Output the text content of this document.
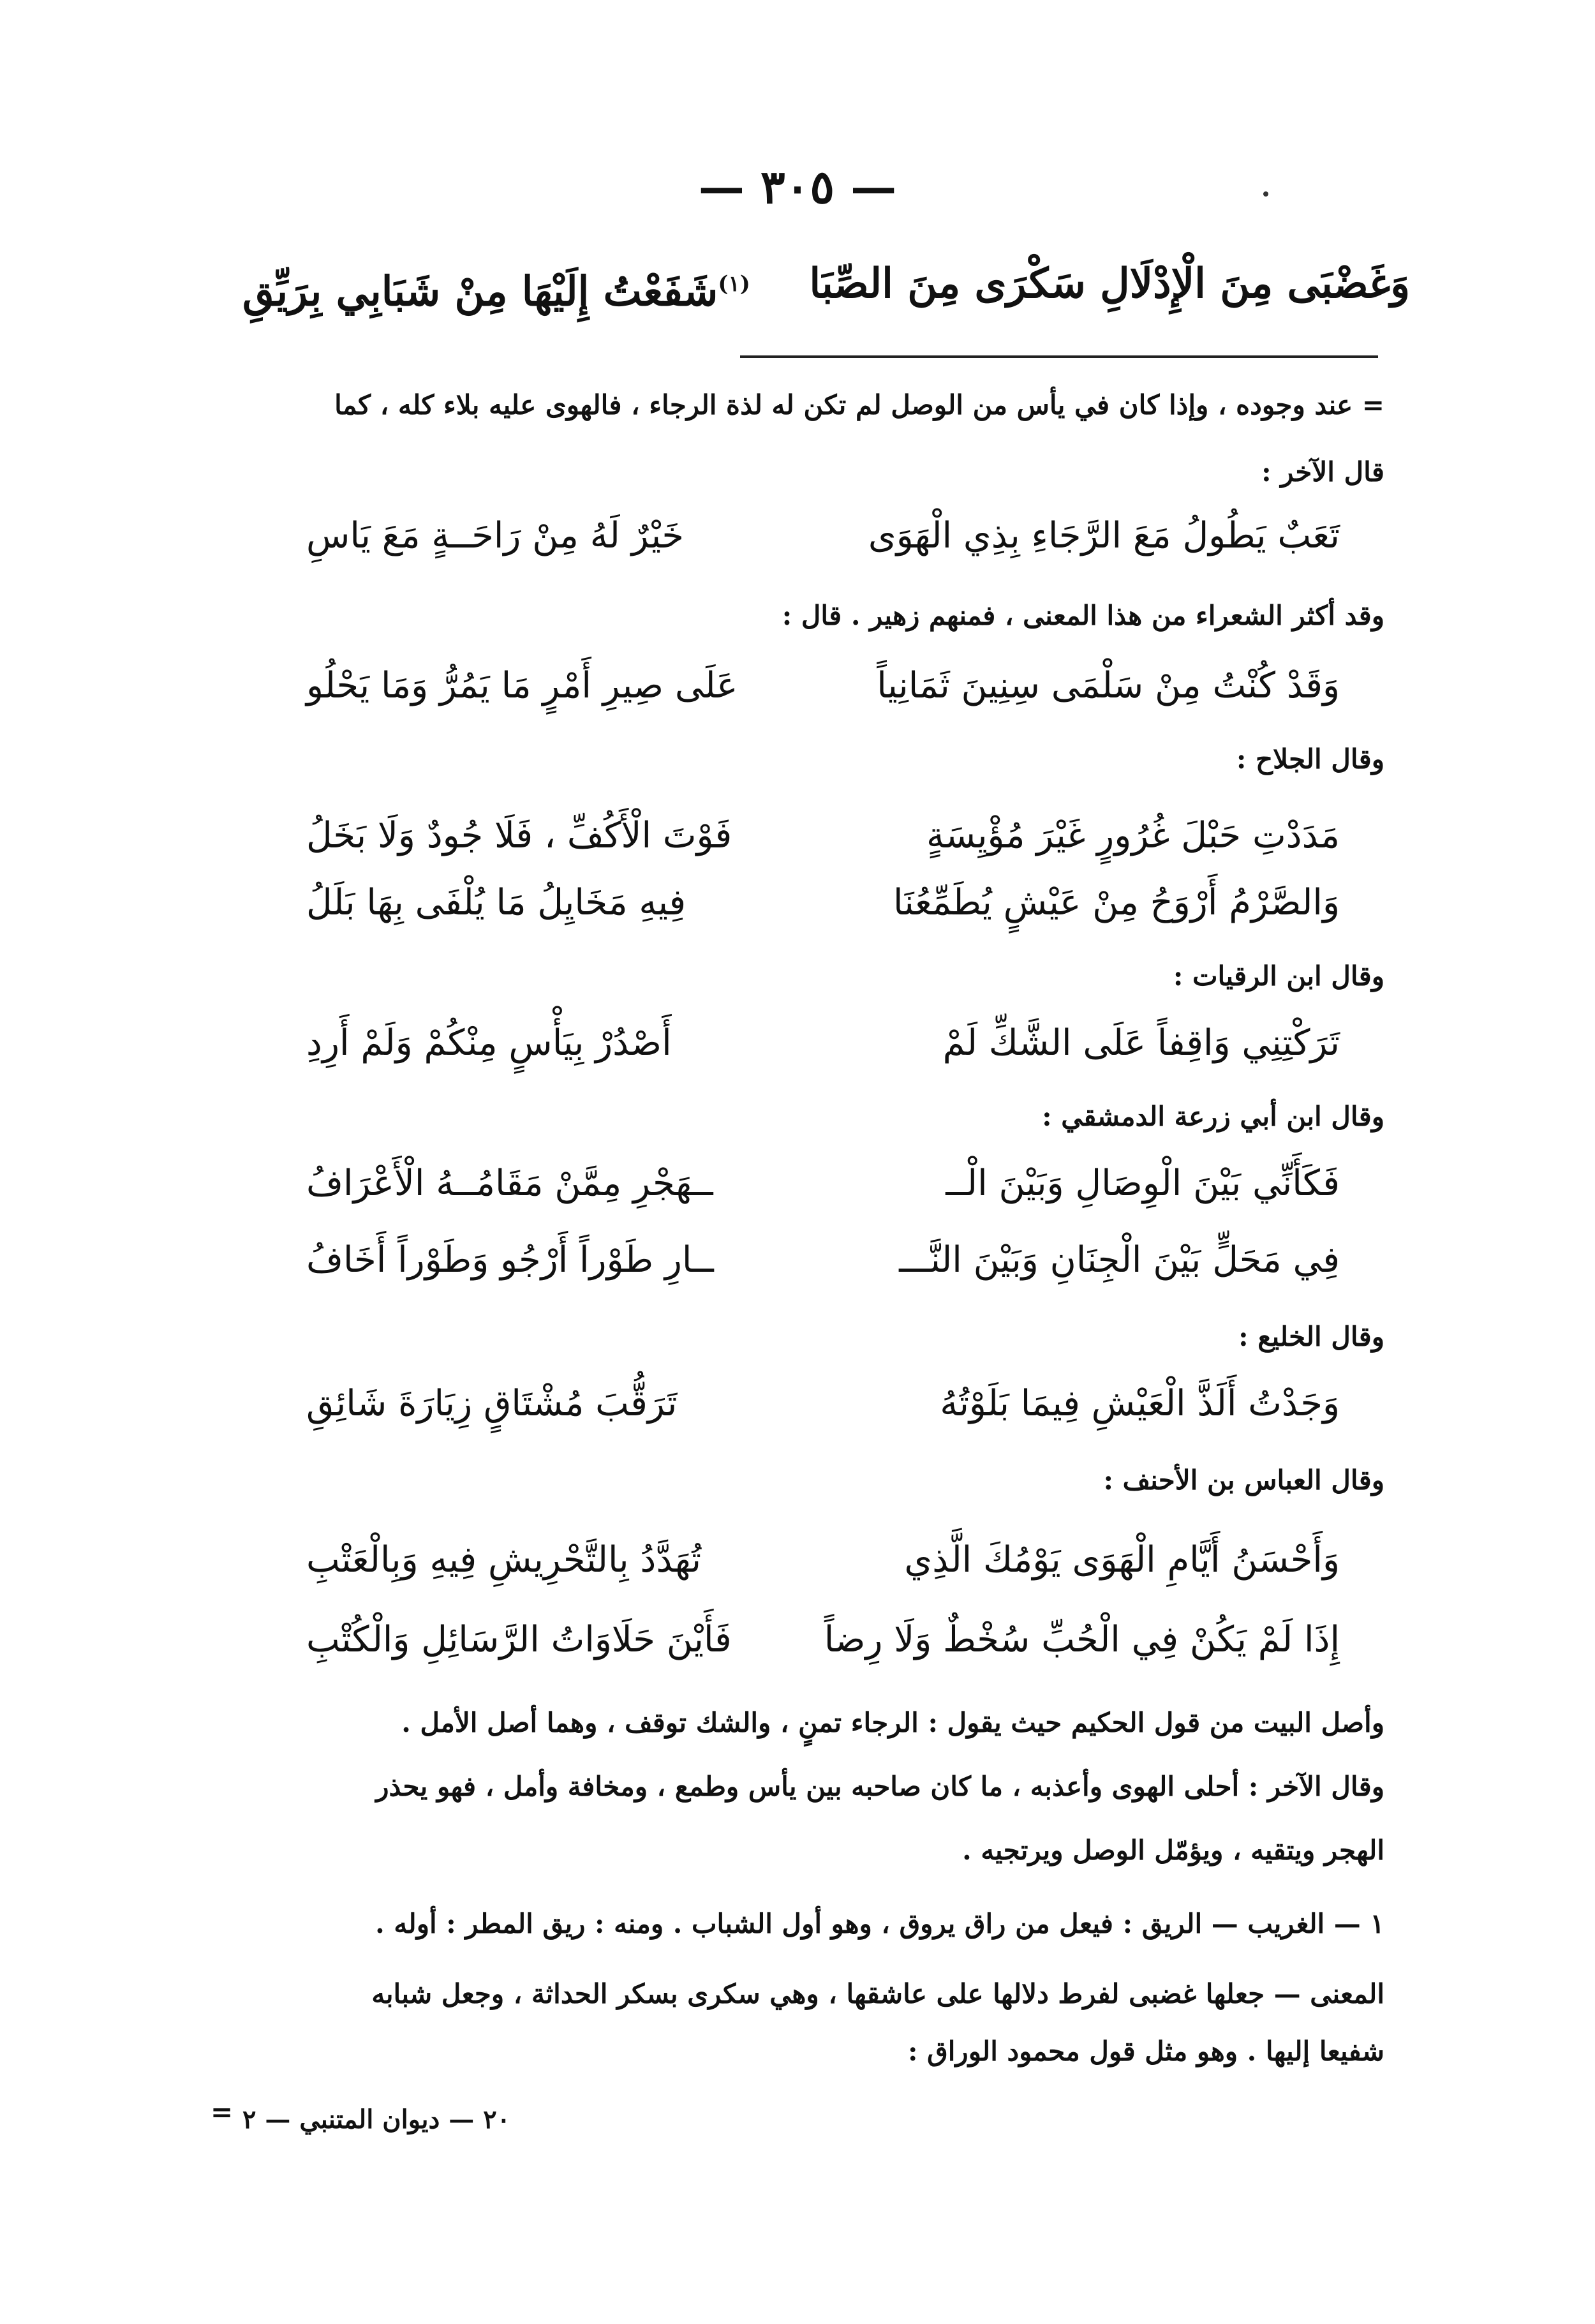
— ٣٠٥ —
وَغَضْبَى مِنَ الْإِدْلَالِ سَكْرَى مِنَ الصِّبَا
$^{(١)}$شَفَعْتُ إِلَيْهَا مِنْ شَبَابِي بِرَيِّقِ
= عند وجوده ، وإذا كان في يأس من الوصل لم تكن له لذة الرجاء ، فالهوى عليه بلاء كله ، كما
قال الآخر :
تَعَبٌ يَطُولُ مَعَ الرَّجَاءِ بِذِي الْهَوَى
خَيْرٌ لَهُ مِنْ رَاحَــةٍ مَعَ يَاسِ
وقد أكثر الشعراء من هذا المعنى ، فمنهم زهير . قال :
وَقَدْ كُنْتُ مِنْ سَلْمَى سِنِينَ ثَمَانِياً
عَلَى صِيرِ أَمْرٍ مَا يَمُرُّ وَمَا يَحْلُو
وقال الجلاح :
مَدَدْتِ حَبْلَ غُرُورٍ غَيْرَ مُؤْيِسَةٍ
فَوْتَ الْأَكُفِّ ، فَلَا جُودٌ وَلَا بَخَلُ
وَالصَّرْمُ أَرْوَحُ مِنْ عَيْشٍ يُطَمِّعُنَا
فِيهِ مَخَايِلُ مَا يُلْفَى بِهَا بَلَلُ
وقال ابن الرقيات :
تَرَكْتِنِي وَاقِفاً عَلَى الشَّكِّ لَمْ
أَصْدُرْ بِيَأْسٍ مِنْكُمْ وَلَمْ أَرِدِ
وقال ابن أبي زرعة الدمشقي :
فَكَأَنِّي بَيْنَ الْوِصَالِ وَبَيْنَ الْــ
ــهَجْرِ مِمَّنْ مَقَامُــهُ الْأَعْرَافُ
فِي مَحَلٍّ بَيْنَ الْجِنَانِ وَبَيْنَ النَّـــ
ــارِ طَوْراً أَرْجُو وَطَوْراً أَخَافُ
وقال الخليع :
وَجَدْتُ أَلَذَّ الْعَيْشِ فِيمَا بَلَوْتُهُ
تَرَقُّبَ مُشْتَاقٍ زِيَارَةَ شَائِقِ
وقال العباس بن الأحنف :
وَأَحْسَنُ أَيَّامِ الْهَوَى يَوْمُكَ الَّذِي
تُهَدَّدُ بِالتَّحْرِيشِ فِيهِ وَبِالْعَتْبِ
إِذَا لَمْ يَكُنْ فِي الْحُبِّ سُخْطٌ وَلَا رِضاً
فَأَيْنَ حَلَاوَاتُ الرَّسَائِلِ وَالْكُتْبِ
وأصل البيت من قول الحكيم حيث يقول : الرجاء تمنٍ ، والشك توقف ، وهما أصل الأمل .
وقال الآخر : أحلى الهوى وأعذبه ، ما كان صاحبه بين يأس وطمع ، ومخافة وأمل ، فهو يحذر
الهجر ويتقيه ، ويؤمّل الوصل ويرتجيه .
١ — الغريب — الريق : فيعل من راق يروق ، وهو أول الشباب . ومنه : ريق المطر : أوله .
المعنى — جعلها غضبى لفرط دلالها على عاشقها ، وهي سكرى بسكر الحداثة ، وجعل شبابه
شفيعا إليها . وهو مثل قول محمود الوراق :
= ٢٠ — ديوان المتنبي — ٢
